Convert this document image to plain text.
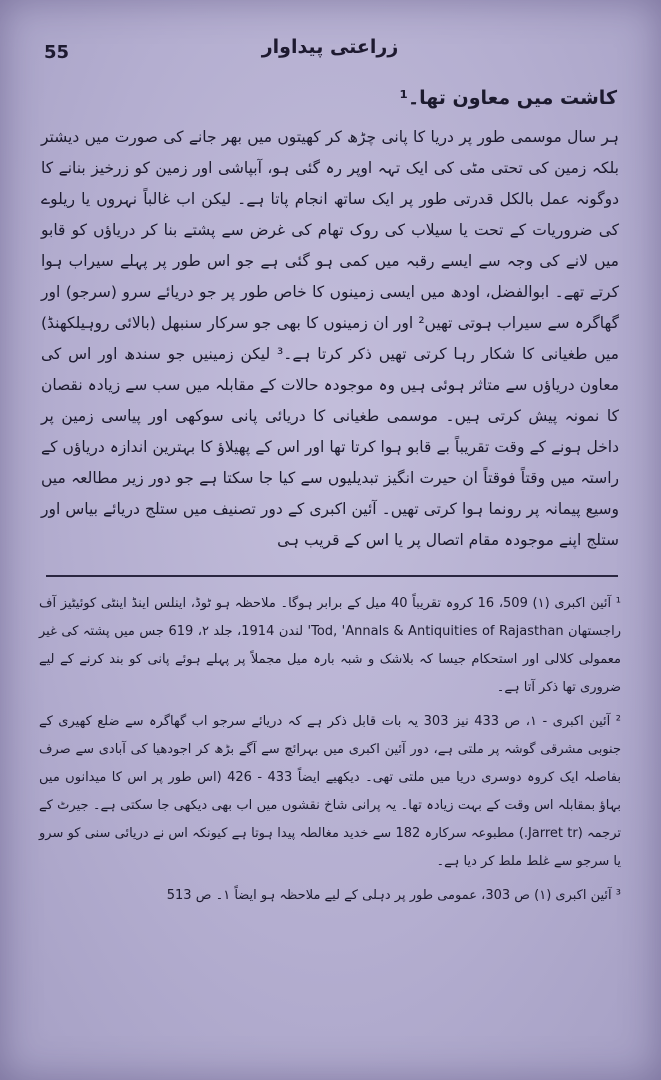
55	زراعتی پیداوار
کاشت میں معاون تھا۔¹

ہر سال موسمی طور پر دریا کا پانی چڑھ کر کھیتوں میں بھر جانے کی صورت میں دیشتر بلکہ زمین کی تحتی مٹی کی ایک تہہ اوپر رہ گئی ہو، آبپاشی اور زمین کو زرخیز بنانے کا دوگونہ عمل بالکل قدرتی طور پر ایک ساتھ انجام پاتا ہے۔ لیکن اب غالباً نہروں یا ریلوے کی ضروریات کے تحت یا سیلاب کی روک تھام کی غرض سے پشتے بنا کر دریاؤں کو قابو میں لانے کی وجہ سے ایسے رقبہ میں کمی ہو گئی ہے جو اس طور پر پہلے سیراب ہوا کرتے تھے۔ ابوالفضل، اودھ میں ایسی زمینوں کا خاص طور پر جو دریائے سرو (سرجو) اور گھاگرہ سے سیراب ہوتی تھیں² اور ان زمینوں کا بھی جو سرکار سنبھل (بالائی روہیلکھنڈ) میں طغیانی کا شکار رہا کرتی تھیں ذکر کرتا ہے۔³ لیکن زمینیں جو سندھ اور اس کی معاون دریاؤں سے متاثر ہوئی ہیں وہ موجودہ حالات کے مقابلہ میں سب سے زیادہ نقصان کا نمونہ پیش کرتی ہیں۔ موسمی طغیانی کا دریائی پانی سوکھی اور پیاسی زمین پر داخل ہونے کے وقت تقریباً بے قابو ہوا کرتا تھا اور اس کے پھیلاؤ کا بہترین اندازہ دریاؤں کے راستہ میں وقتاً فوقتاً ان حیرت انگیز تبدیلیوں سے کیا جا سکتا ہے جو دور زیر مطالعہ میں وسیع پیمانہ پر رونما ہوا کرتی تھیں۔ آئین اکبری کے دور تصنیف میں ستلج دریائے بیاس اور ستلج اپنے موجودہ مقام اتصال پر یا اس کے قریب ہی

¹ آئین اکبری (۱) 509، 16 کروہ تقریباً 40 میل کے برابر ہوگا۔ ملاحظہ ہو ٹوڈ، اینلس اینڈ اینٹی کوئیٹیز آف راجستھان Tod, 'Annals & Antiquities of Rajasthan' لندن 1914، جلد ۲، 619 جس میں پشتہ کی غیر معمولی کلالی اور استحکام جیسا کہ بلاشک و شبہ بارہ میل مجملاً پر پہلے ہوئے پانی کو بند کرنے کے لیے ضروری تھا ذکر آتا ہے۔

² آئین اکبری - ۱، ص 433 نیز 303 یہ بات قابل ذکر ہے کہ دریائے سرجو اب گھاگرہ سے ضلع کھیری کے جنوبی مشرقی گوشہ پر ملتی ہے، دور آئین اکبری میں بہرائچ سے آگے بڑھ کر اجودھیا کی آبادی سے صرف بفاصلہ ایک کروہ دوسری دریا میں ملتی تھی۔ دیکھیے ایضاً 433 - 426 (اس طور پر اس کا میدانوں میں بہاؤ بمقابلہ اس وقت کے بہت زیادہ تھا۔ یہ پرانی شاخ نقشوں میں اب بھی دیکھی جا سکتی ہے۔ جیرٹ کے ترجمہ (Jarret tr.) مطبوعہ سرکارہ 182 سے خدید مغالطہ پیدا ہوتا ہے کیونکہ اس نے دریائی سنی کو سرو یا سرجو سے غلط ملط کر دیا ہے۔

³ آئین اکبری (۱) ص 303، عمومی طور پر دہلی کے لیے ملاحظہ ہو ایضاً ۱۔ ص 513
